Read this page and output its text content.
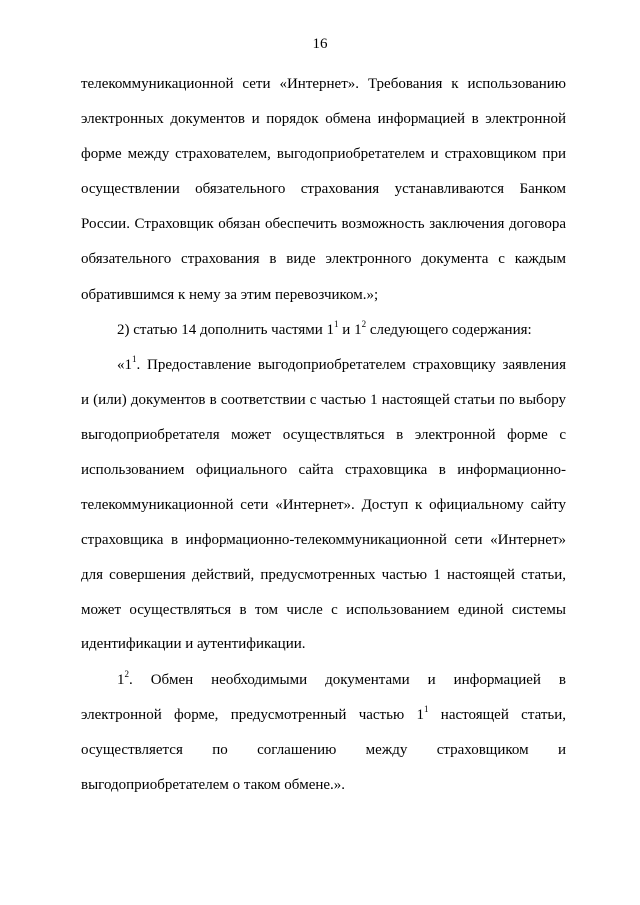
16
телекоммуникационной сети «Интернет». Требования к использованию
электронных документов и порядок обмена информацией в электронной
форме между страхователем, выгодоприобретателем и страховщиком при
осуществлении обязательного страхования устанавливаются Банком
России. Страховщик обязан обеспечить возможность заключения договора
обязательного страхования в виде электронного документа с каждым
обратившимся к нему за этим перевозчиком.»;
2) статью 14 дополнить частями $1^1$ и $1^2$ следующего содержания:
«$1^1$. Предоставление выгодоприобретателем страховщику заявления
и (или) документов в соответствии с частью 1 настоящей статьи по выбору
выгодоприобретателя может осуществляться в электронной форме с
использованием официального сайта страховщика в информационно-
телекоммуникационной сети «Интернет». Доступ к официальному сайту
страховщика в информационно-телекоммуникационной сети «Интернет»
для совершения действий, предусмотренных частью 1 настоящей статьи,
может осуществляться в том числе с использованием единой системы
идентификации и аутентификации.
$1^2$. Обмен необходимыми документами и информацией в
электронной форме, предусмотренный частью $1^1$ настоящей статьи,
осуществляется по соглашению между страховщиком и
выгодоприобретателем о таком обмене.».
